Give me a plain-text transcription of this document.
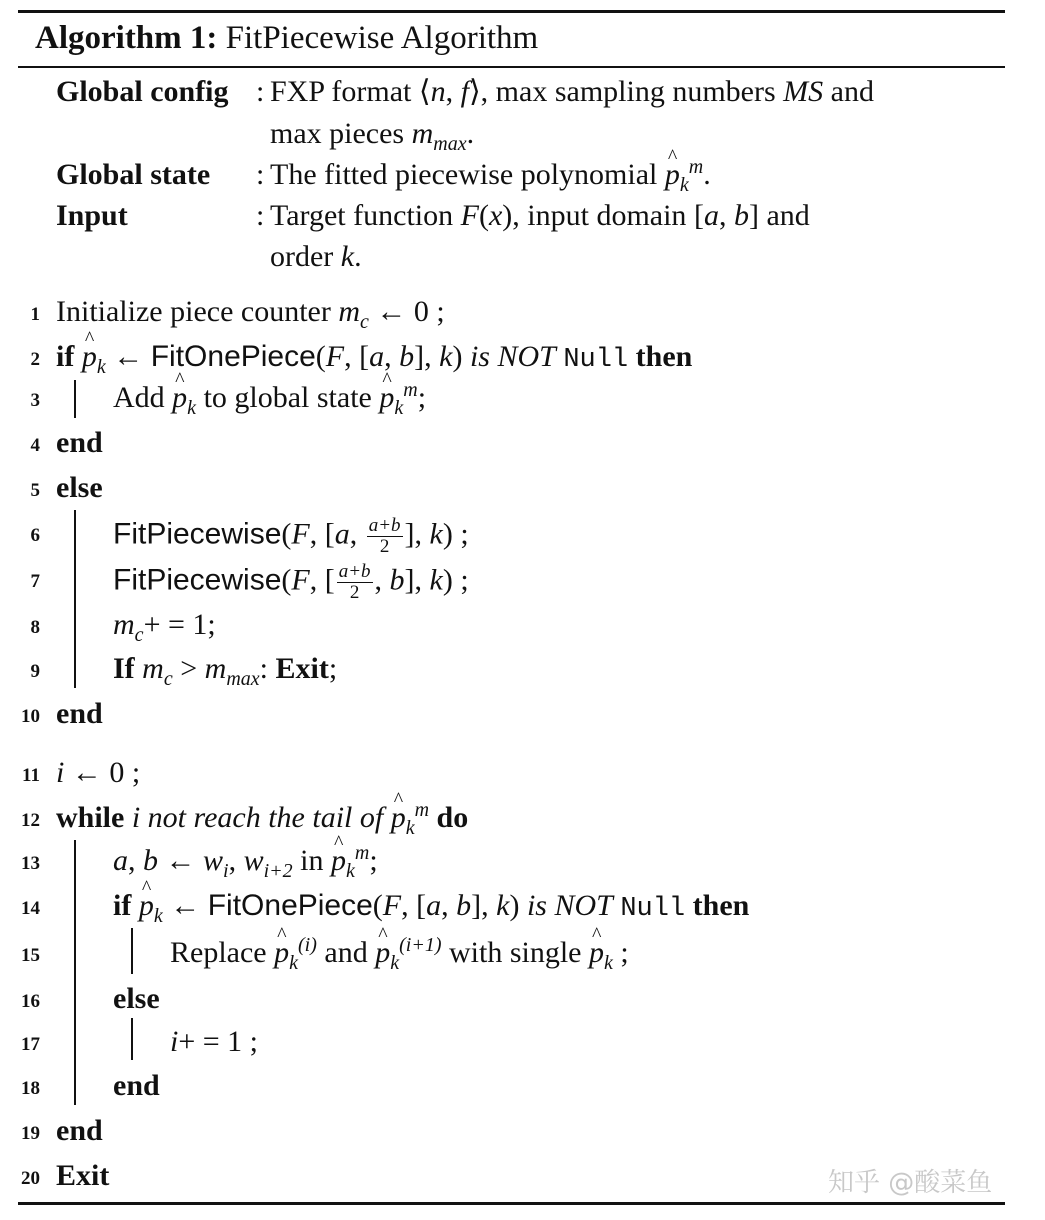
Algorithm 1: FitPiecewise Algorithm
Global config : FXP format ⟨n, f⟩, max sampling numbers MS and
max pieces $m_{max}$.
Global state : The fitted piecewise polynomial ^ $p_k^m$.
Input	: Target function F(x), input domain [a, b] and
order k.
1
2
3
4
5
6
7
8
9
10
11
12
13
14
15
16
17
18
19
20
Initialize piece counter $m_c$ ← 0 ;
if ^ $p_k$ ← FitOnePiece(F, [a, b], k) is NOT Null then
Add ^ $p_k$ to global state ^ $p_k^m$;
end
else
FitPiecewise(F, [a, $\frac{a+b}{2}$ ], k) ;
FitPiecewise(F, [ $\frac{a+b}{2}$ , b], k) ;
$m_c+ = 1$;
If $m_c > m_{max}$: Exit;
end
i ← 0 ;
while i not reach the tail of ^ $p_k^m$ do
a, b ← $w_i$, $w_{i+2}$ in ^ $p_k^m$;
if ^ $p_k$ ← FitOnePiece(F, [a, b], k) is NOT Null then
Replace ^ $p_k^{(i)}$ and ^ $p_k^{(i+1)}$ with single ^ $p_k$ ;
else
i+ = 1 ;
end
end
Exit	知乎 @酸菜鱼
